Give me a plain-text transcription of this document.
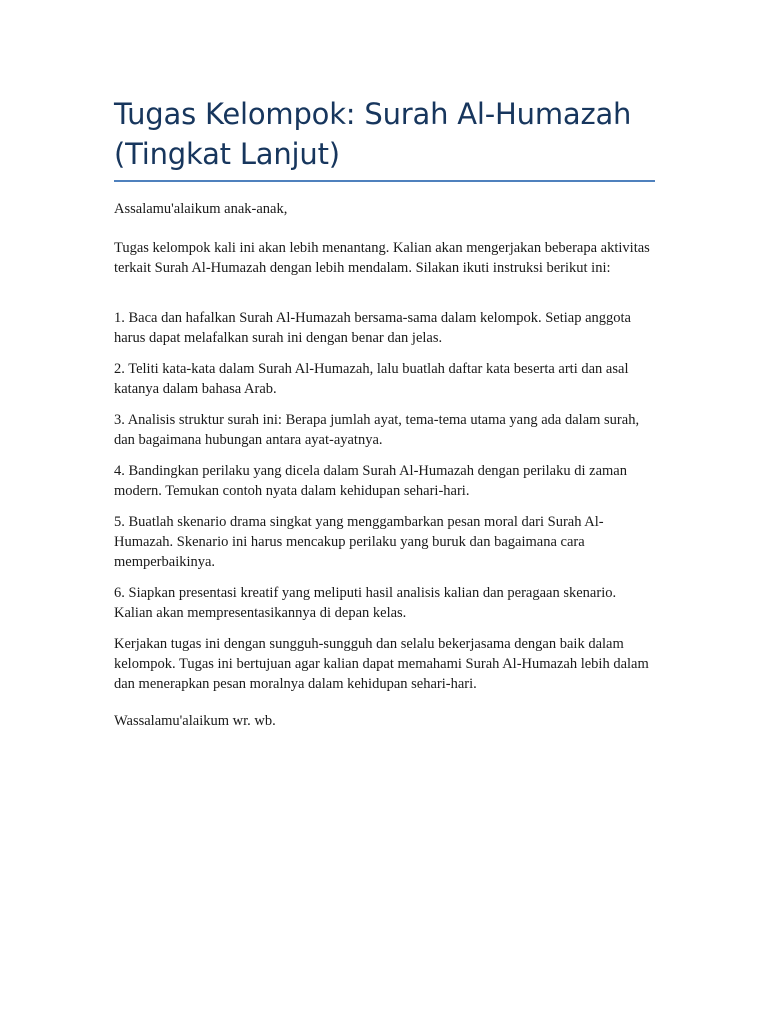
Tugas Kelompok: Surah Al-Humazah
(Tingkat Lanjut)

Assalamu'alaikum anak-anak,

Tugas kelompok kali ini akan lebih menantang. Kalian akan mengerjakan beberapa aktivitas terkait Surah Al-Humazah dengan lebih mendalam. Silakan ikuti instruksi berikut ini:

1. Baca dan hafalkan Surah Al-Humazah bersama-sama dalam kelompok. Setiap anggota harus dapat melafalkan surah ini dengan benar dan jelas.

2. Teliti kata-kata dalam Surah Al-Humazah, lalu buatlah daftar kata beserta arti dan asal katanya dalam bahasa Arab.

3. Analisis struktur surah ini: Berapa jumlah ayat, tema-tema utama yang ada dalam surah, dan bagaimana hubungan antara ayat-ayatnya.

4. Bandingkan perilaku yang dicela dalam Surah Al-Humazah dengan perilaku di zaman modern. Temukan contoh nyata dalam kehidupan sehari-hari.

5. Buatlah skenario drama singkat yang menggambarkan pesan moral dari Surah Al-Humazah. Skenario ini harus mencakup perilaku yang buruk dan bagaimana cara memperbaikinya.

6. Siapkan presentasi kreatif yang meliputi hasil analisis kalian dan peragaan skenario. Kalian akan mempresentasikannya di depan kelas.

Kerjakan tugas ini dengan sungguh-sungguh dan selalu bekerjasama dengan baik dalam kelompok. Tugas ini bertujuan agar kalian dapat memahami Surah Al-Humazah lebih dalam dan menerapkan pesan moralnya dalam kehidupan sehari-hari.

Wassalamu'alaikum wr. wb.
